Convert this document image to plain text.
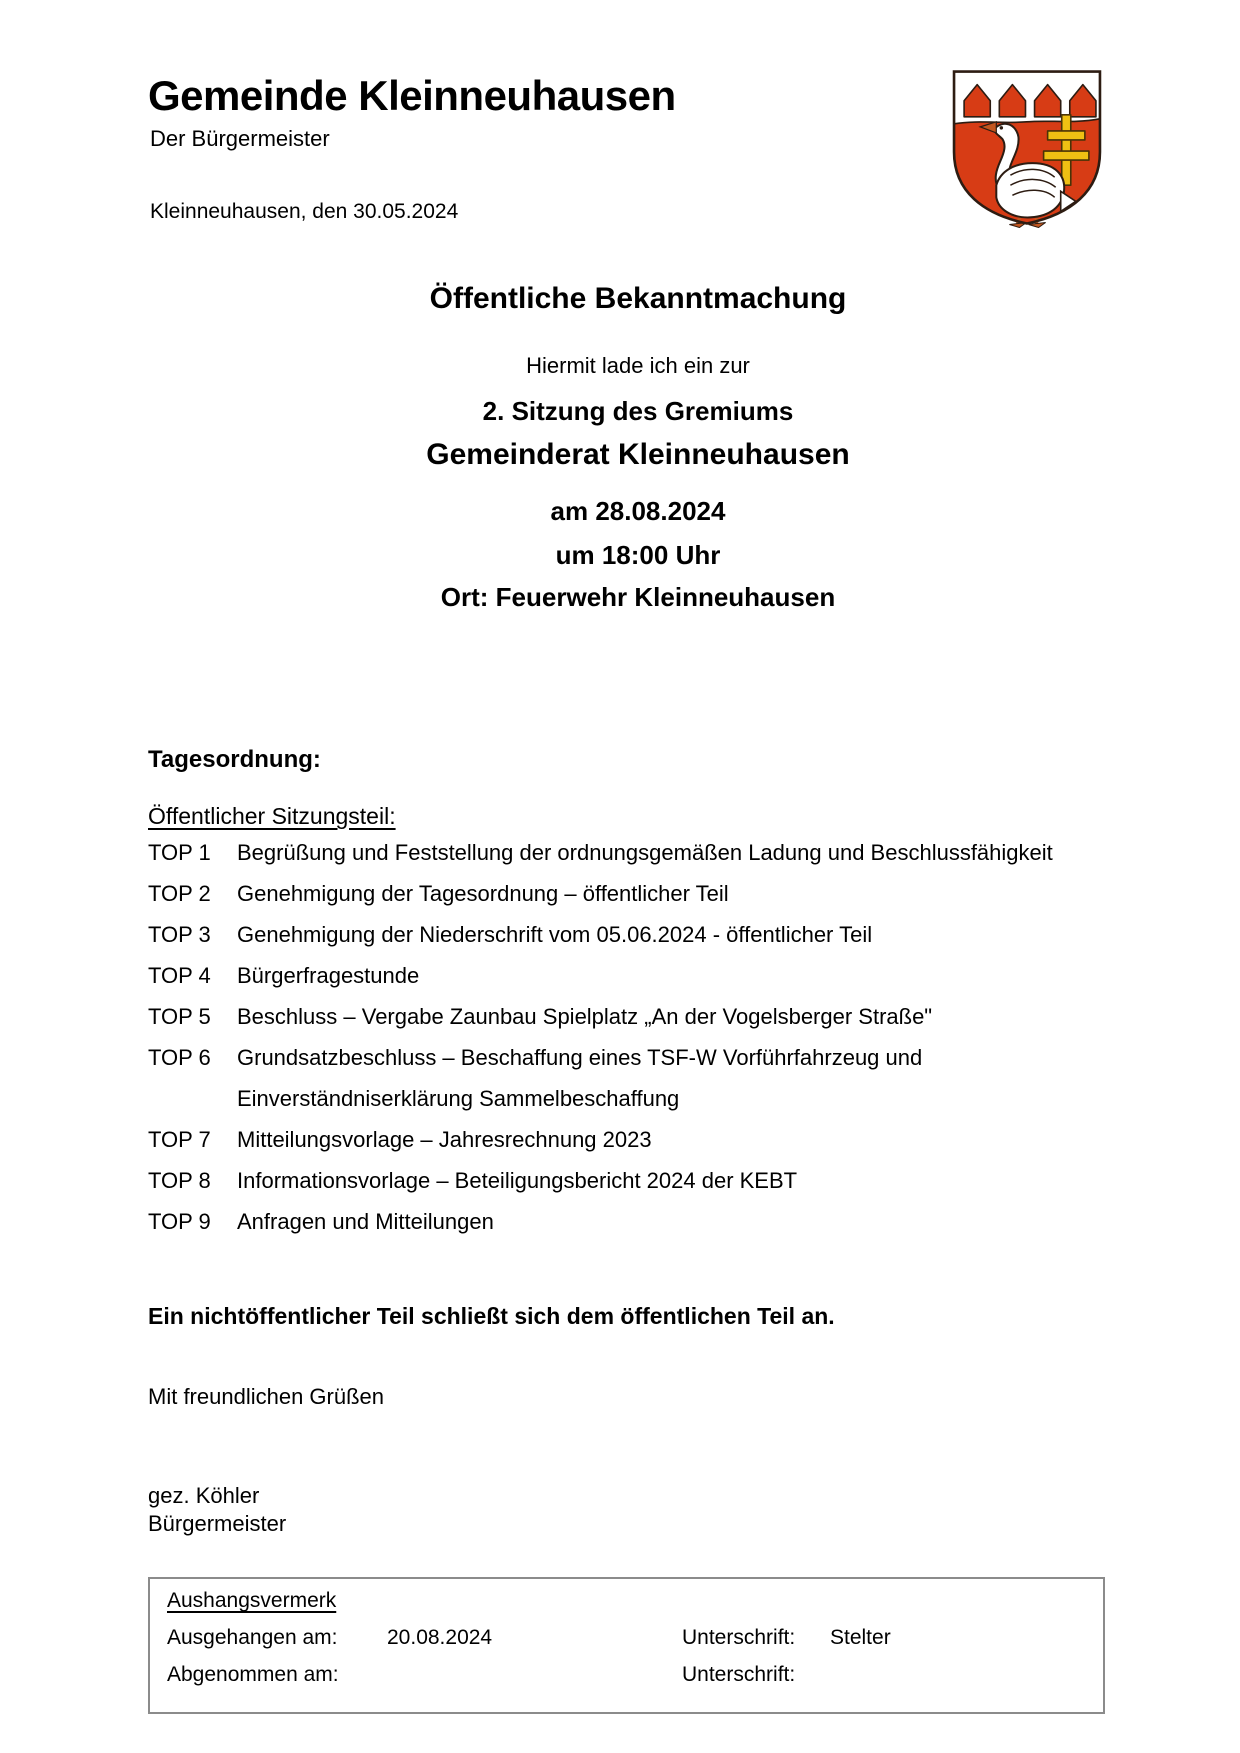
Gemeinde Kleinneuhausen
Der Bürgermeister
Kleinneuhausen, den 30.05.2024
Öffentliche Bekanntmachung
Hiermit lade ich ein zur
2. Sitzung des Gremiums
Gemeinderat Kleinneuhausen
am 28.08.2024
um 18:00 Uhr
Ort: Feuerwehr Kleinneuhausen
Tagesordnung:
Öffentlicher Sitzungsteil:
TOP 1	Begrüßung und Feststellung der ordnungsgemäßen Ladung und Beschlussfähigkeit
TOP 2	Genehmigung der Tagesordnung – öffentlicher Teil
TOP 3	Genehmigung der Niederschrift vom 05.06.2024 - öffentlicher Teil
TOP 4	Bürgerfragestunde
TOP 5	Beschluss – Vergabe Zaunbau Spielplatz „An der Vogelsberger Straße"
TOP 6	Grundsatzbeschluss – Beschaffung eines TSF-W Vorführfahrzeug und
Einverständniserklärung Sammelbeschaffung
TOP 7	Mitteilungsvorlage – Jahresrechnung 2023
TOP 8	Informationsvorlage – Beteiligungsbericht 2024 der KEBT
TOP 9	Anfragen und Mitteilungen
Ein nichtöffentlicher Teil schließt sich dem öffentlichen Teil an.
Mit freundlichen Grüßen
gez. Köhler
Bürgermeister
Aushangsvermerk
Ausgehangen am: 20.08.2024	Unterschrift: Stelter
Abgenommen am:	Unterschrift:
